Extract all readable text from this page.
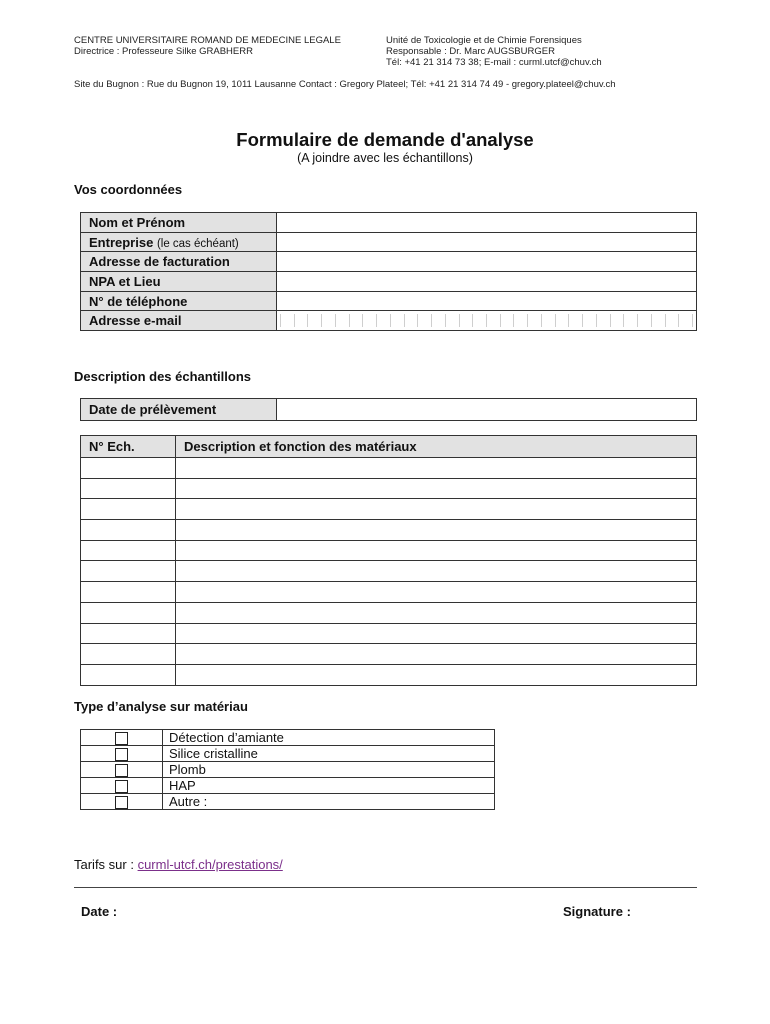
CENTRE UNIVERSITAIRE ROMAND DE MEDECINE LEGALE
Directrice : Professeure Silke GRABHERR
Unité de Toxicologie et de Chimie Forensiques
Responsable : Dr. Marc AUGSBURGER
Tél: +41 21 314 73 38; E-mail : curml.utcf@chuv.ch
Site du Bugnon : Rue du Bugnon 19, 1011 Lausanne Contact : Gregory Plateel; Tél: +41 21 314 74 49 - gregory.plateel@chuv.ch
Formulaire de demande d'analyse
(A joindre avec les échantillons)
Vos coordonnées
Nom et Prénom	
Entreprise (le cas échéant)	
Adresse de facturation	
NPA et Lieu	
N° de téléphone	
Adresse e-mail	
Description des échantillons
Date de prélèvement	
N° Ech.	Description et fonction des matériaux

Type d’analyse sur matériau
	Détection d’amiante
	Silice cristalline
	Plomb
	HAP
	Autre :
Tarifs sur : curml-utcf.ch/prestations/
Date :	Signature :
